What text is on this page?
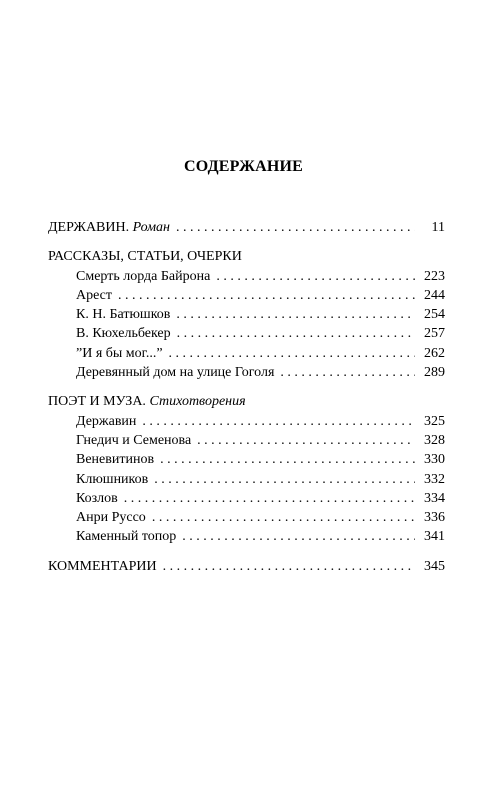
СОДЕРЖАНИЕ
ДЕРЖАВИН. Роман . . .	11
РАССКАЗЫ, СТАТЬИ, ОЧЕРКИ
Смерть лорда Байрона . . .	223
Арест . . .	244
К. Н. Батюшков . . .	254
В. Кюхельбекер . . .	257
”И я бы мог...” . . .	262
Деревянный дом на улице Гоголя . . .	289
ПОЭТ И МУЗА. Стихотворения
Державин . . .	325
Гнедич и Семенова . . .	328
Веневитинов . . .	330
Клюшников . . .	332
Козлов . . .	334
Анри Руссо . . .	336
Каменный топор . . .	341
КОММЕНТАРИИ . . .	345
